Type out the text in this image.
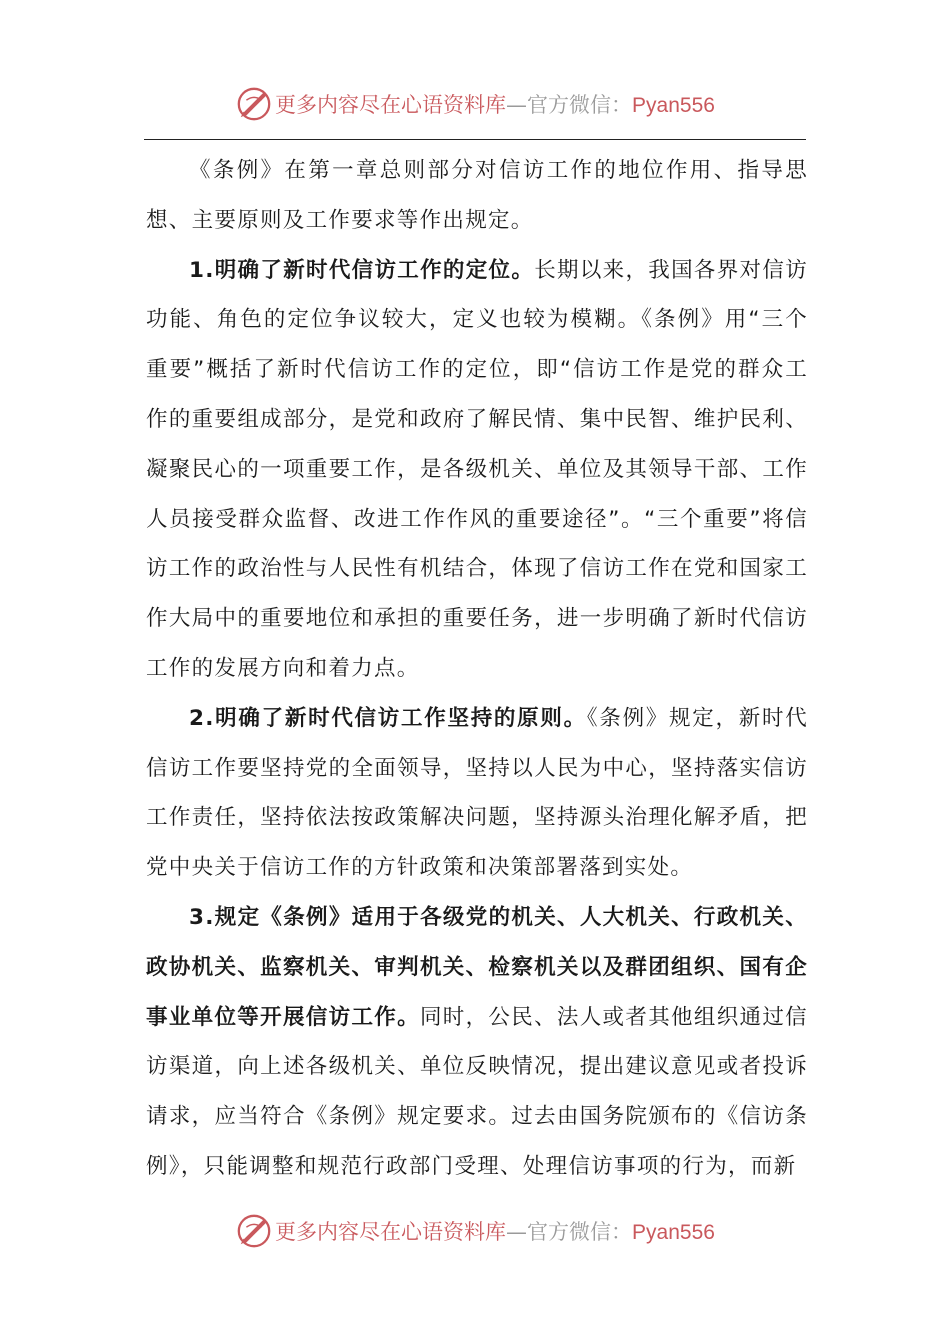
更多内容尽在心语资料库—官方微信：Pyan556

《条例》在第一章总则部分对信访工作的地位作用、指导思想、主要原则及工作要求等作出规定。

1.明确了新时代信访工作的定位。长期以来，我国各界对信访功能、角色的定位争议较大，定义也较为模糊。《条例》用“三个重要”概括了新时代信访工作的定位，即“信访工作是党的群众工作的重要组成部分，是党和政府了解民情、集中民智、维护民利、凝聚民心的一项重要工作，是各级机关、单位及其领导干部、工作人员接受群众监督、改进工作作风的重要途径”。“三个重要”将信访工作的政治性与人民性有机结合，体现了信访工作在党和国家工作大局中的重要地位和承担的重要任务，进一步明确了新时代信访工作的发展方向和着力点。

2.明确了新时代信访工作坚持的原则。《条例》规定，新时代信访工作要坚持党的全面领导，坚持以人民为中心，坚持落实信访工作责任，坚持依法按政策解决问题，坚持源头治理化解矛盾，把党中央关于信访工作的方针政策和决策部署落到实处。

3.规定《条例》适用于各级党的机关、人大机关、行政机关、政协机关、监察机关、审判机关、检察机关以及群团组织、国有企事业单位等开展信访工作。同时，公民、法人或者其他组织通过信访渠道，向上述各级机关、单位反映情况，提出建议意见或者投诉请求，应当符合《条例》规定要求。过去由国务院颁布的《信访条例》，只能调整和规范行政部门受理、处理信访事项的行为，而新

更多内容尽在心语资料库—官方微信：Pyan556
